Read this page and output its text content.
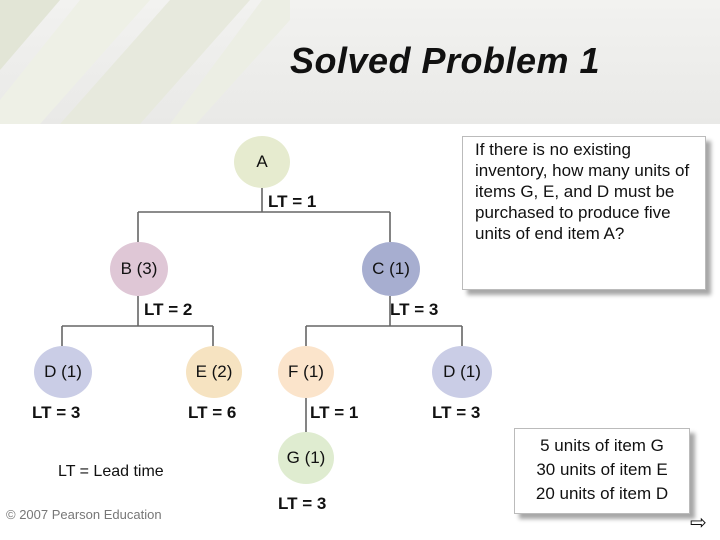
Solved Problem 1
A
LT = 1
B (3)
LT = 2
C (1)
LT = 3
D (1)
LT = 3
E (2)
LT = 6
F (1)
LT = 1
D (1)
LT = 3
G (1)
LT = 3
If there is no existing inventory, how many units of items G, E, and D must be purchased to produce five units of end item A?
5 units of item G
30 units of item E
20 units of item D
LT = Lead time
© 2007 Pearson Education	⇨
